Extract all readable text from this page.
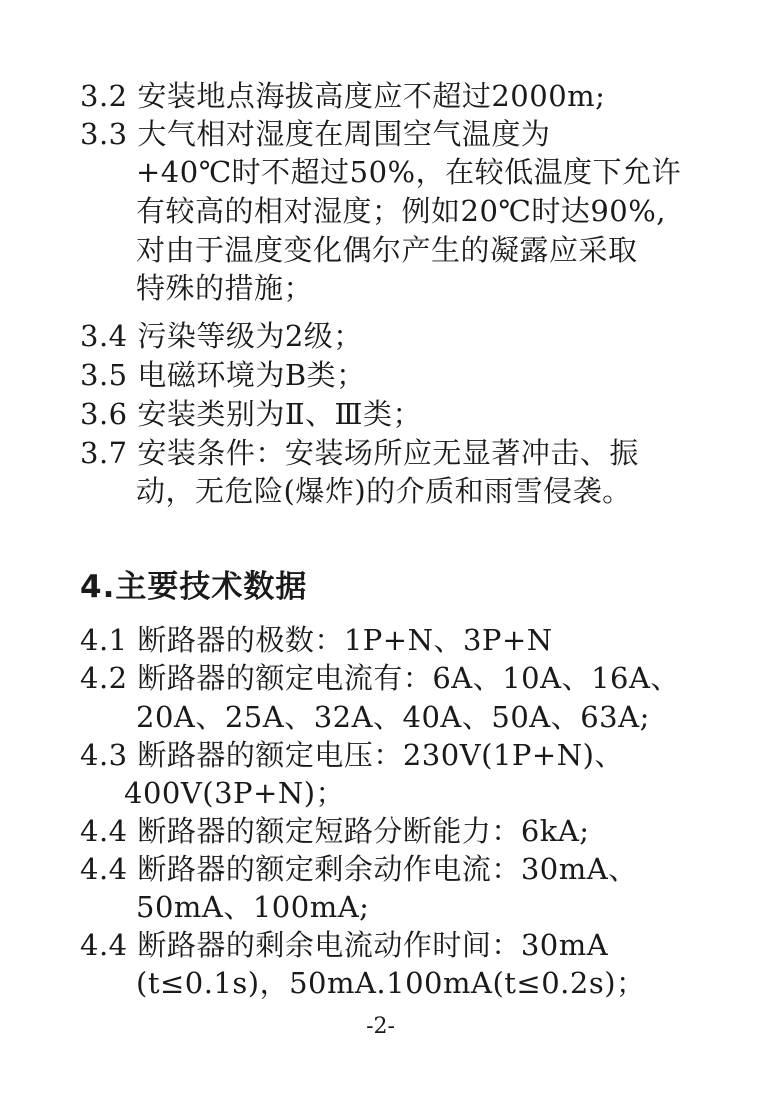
3.2 安装地点海拔高度应不超过2000m;
3.3 大气相对湿度在周围空气温度为
+40℃时不超过50%，在较低温度下允许
有较高的相对湿度；例如20℃时达90%,
对由于温度变化偶尔产生的凝露应采取
特殊的措施；
3.4 污染等级为2级；
3.5 电磁环境为B类；
3.6 安装类别为Ⅱ、Ⅲ类；
3.7 安装条件：安装场所应无显著冲击、振
动，无危险(爆炸)的介质和雨雪侵袭。
4.主要技术数据
4.1 断路器的极数：1P+N、3P+N
4.2 断路器的额定电流有：6A、10A、16A、
20A、25A、32A、40A、50A、63A;
4.3 断路器的额定电压：230V(1P+N)、
400V(3P+N)；
4.4 断路器的额定短路分断能力：6kA;
4.4 断路器的额定剩余动作电流：30mA、
50mA、100mA;
4.4 断路器的剩余电流动作时间：30mA
(t≤0.1s)，50mA.100mA(t≤0.2s)；
-2-
